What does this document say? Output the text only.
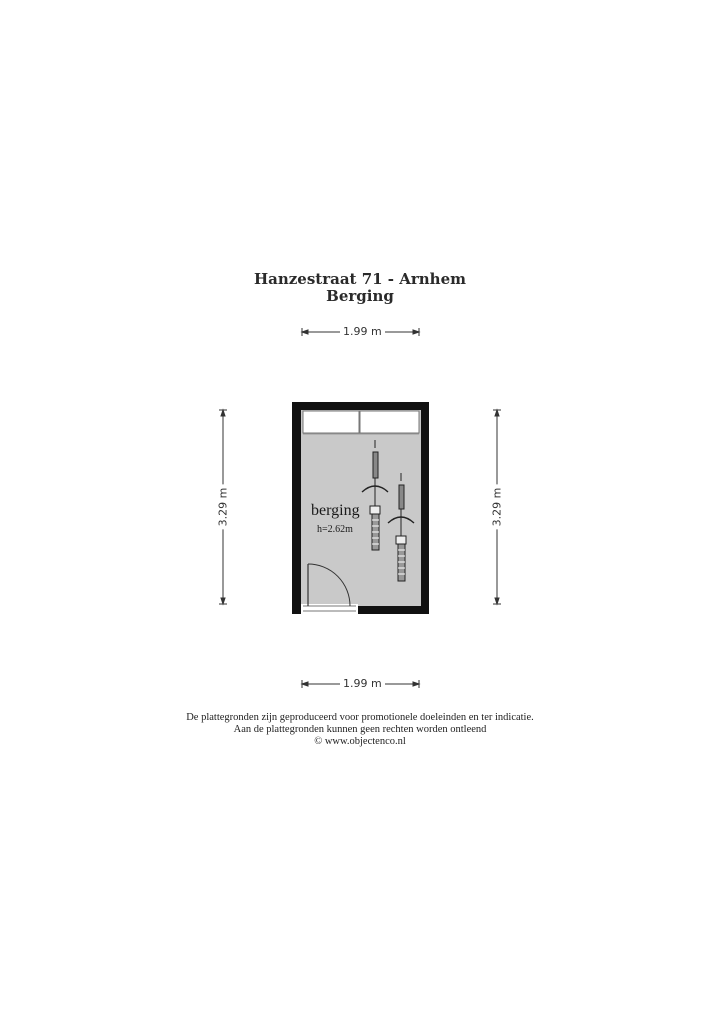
Hanzestraat 71 - Arnhem
Berging
1.99 m
1.99 m
3.29 m	3.29 m
berging
h=2.62m
De plattegronden zijn geproduceerd voor promotionele doeleinden en ter indicatie.
Aan de plattegronden kunnen geen rechten worden ontleend
© www.objectenco.nl
